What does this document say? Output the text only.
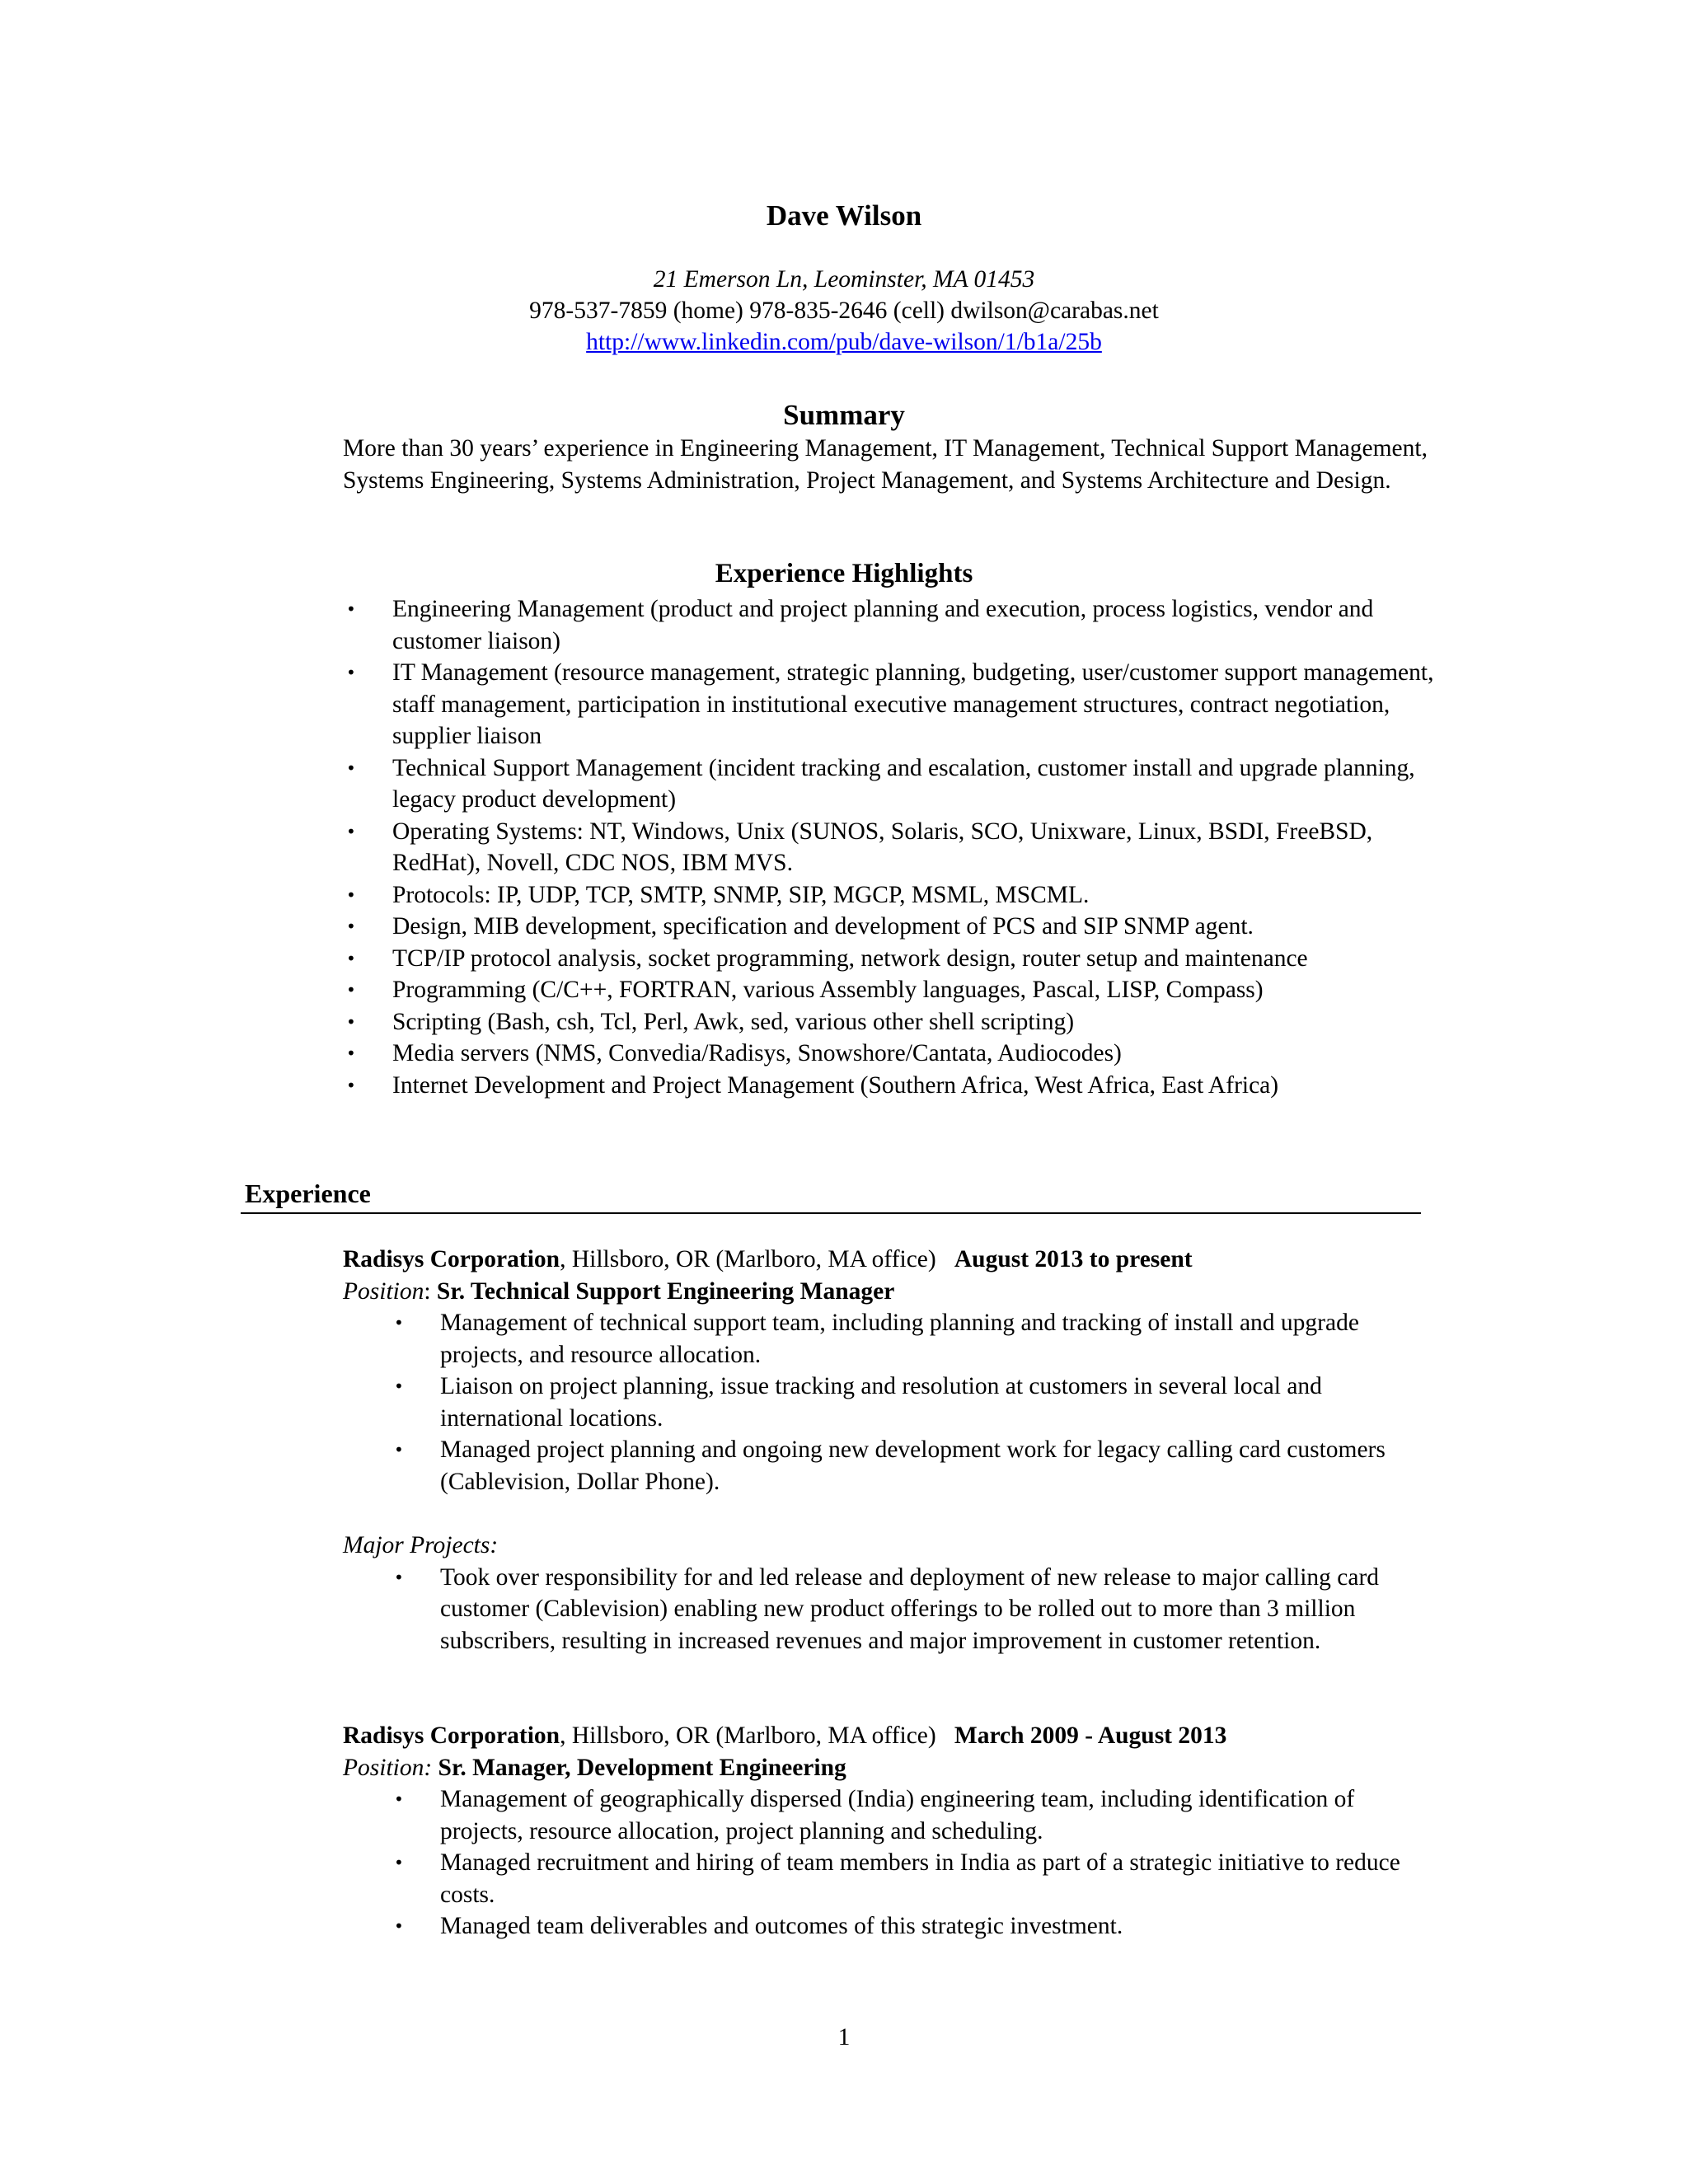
Dave Wilson
21 Emerson Ln, Leominster, MA 01453
978-537-7859 (home) 978-835-2646 (cell) dwilson@carabas.net
http://www.linkedin.com/pub/dave-wilson/1/b1a/25b
Summary
More than 30 years’ experience in Engineering Management, IT Management, Technical Support Management, Systems Engineering, Systems Administration, Project Management, and Systems Architecture and Design.
Experience Highlights
• Engineering Management (product and project planning and execution, process logistics, vendor and customer liaison)
• IT Management (resource management, strategic planning, budgeting, user/customer support management, staff management, participation in institutional executive management structures, contract negotiation, supplier liaison
• Technical Support Management (incident tracking and escalation, customer install and upgrade planning, legacy product development)
• Operating Systems: NT, Windows, Unix (SUNOS, Solaris, SCO, Unixware, Linux, BSDI, FreeBSD, RedHat), Novell, CDC NOS, IBM MVS.
• Protocols: IP, UDP, TCP, SMTP, SNMP, SIP, MGCP, MSML, MSCML.
• Design, MIB development, specification and development of PCS and SIP SNMP agent.
• TCP/IP protocol analysis, socket programming, network design, router setup and maintenance
• Programming (C/C++, FORTRAN, various Assembly languages, Pascal, LISP, Compass)
• Scripting (Bash, csh, Tcl, Perl, Awk, sed, various other shell scripting)
• Media servers (NMS, Convedia/Radisys, Snowshore/Cantata, Audiocodes)
• Internet Development and Project Management (Southern Africa, West Africa, East Africa)
Experience
Radisys Corporation, Hillsboro, OR (Marlboro, MA office) August 2013 to present
Position: Sr. Technical Support Engineering Manager
• Management of technical support team, including planning and tracking of install and upgrade projects, and resource allocation.
• Liaison on project planning, issue tracking and resolution at customers in several local and international locations.
• Managed project planning and ongoing new development work for legacy calling card customers (Cablevision, Dollar Phone).
Major Projects:
• Took over responsibility for and led release and deployment of new release to major calling card customer (Cablevision) enabling new product offerings to be rolled out to more than 3 million subscribers, resulting in increased revenues and major improvement in customer retention.
Radisys Corporation, Hillsboro, OR (Marlboro, MA office) March 2009 - August 2013
Position: Sr. Manager, Development Engineering
• Management of geographically dispersed (India) engineering team, including identification of projects, resource allocation, project planning and scheduling.
• Managed recruitment and hiring of team members in India as part of a strategic initiative to reduce costs.
• Managed team deliverables and outcomes of this strategic investment.
1
